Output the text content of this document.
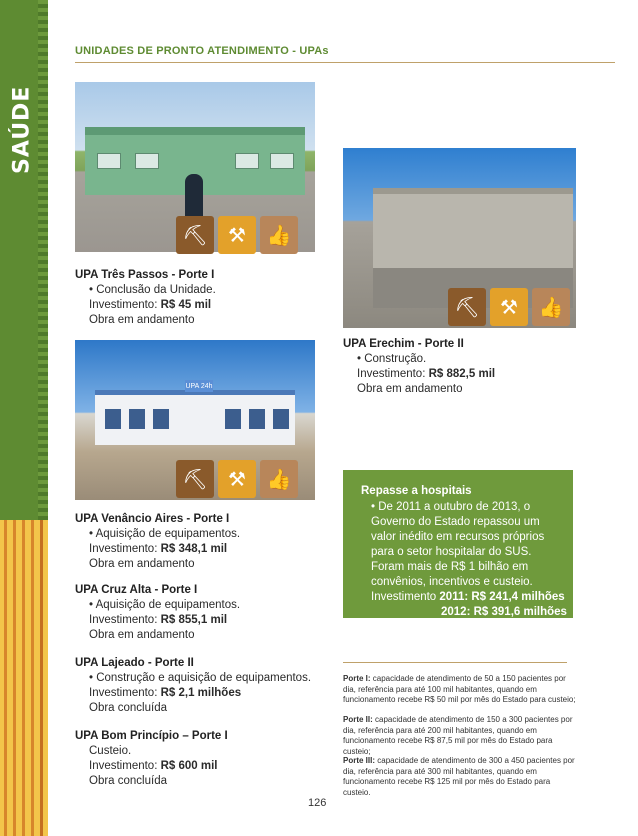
SAÚDE
UNIDADES DE PRONTO ATENDIMENTO - UPAs
⛏	⚒	👍
UPA Três Passos - Porte I
• Conclusão da Unidade.
Investimento: R$ 45 mil
Obra em andamento
⛏	⚒	👍
UPA Erechim - Porte II
• Construção.
Investimento: R$ 882,5 mil
Obra em andamento
UPA 24h
⛏	⚒	👍
UPA Venâncio Aires - Porte I
• Aquisição de equipamentos.
Investimento: R$ 348,1 mil
Obra em andamento
UPA Cruz Alta - Porte I
• Aquisição de equipamentos.
Investimento: R$ 855,1 mil
Obra em andamento
UPA Lajeado - Porte II
• Construção e aquisição de equipamentos.
Investimento: R$ 2,1 milhões
Obra concluída
UPA Bom Princípio – Porte I
Custeio.
Investimento: R$ 600 mil
Obra concluída
Repasse a hospitais
• De 2011 a outubro de 2013, o Governo do Estado repassou um valor inédito em recursos próprios para o setor hospitalar do SUS. Foram mais de R$ 1 bilhão em convênios, incentivos e custeio.
Investimento 2011: R$ 241,4 milhões
2012: R$ 391,6 milhões
2013: R$ 457,3 milhões
Porte I: capacidade de atendimento de 50 a 150 pacientes por dia, referência para até 100 mil habitantes, quando em funcionamento recebe R$ 50 mil por mês do Estado para custeio;
Porte II: capacidade de atendimento de 150 a 300 pacientes por dia, referência para até 200 mil habitantes, quando em funcionamento recebe R$ 87,5 mil por mês do Estado para custeio;
Porte III: capacidade de atendimento de 300 a 450 pacientes por dia, referência para até 300 mil habitantes, quando em funcionamento recebe R$ 125 mil por mês do Estado para custeio.
126
